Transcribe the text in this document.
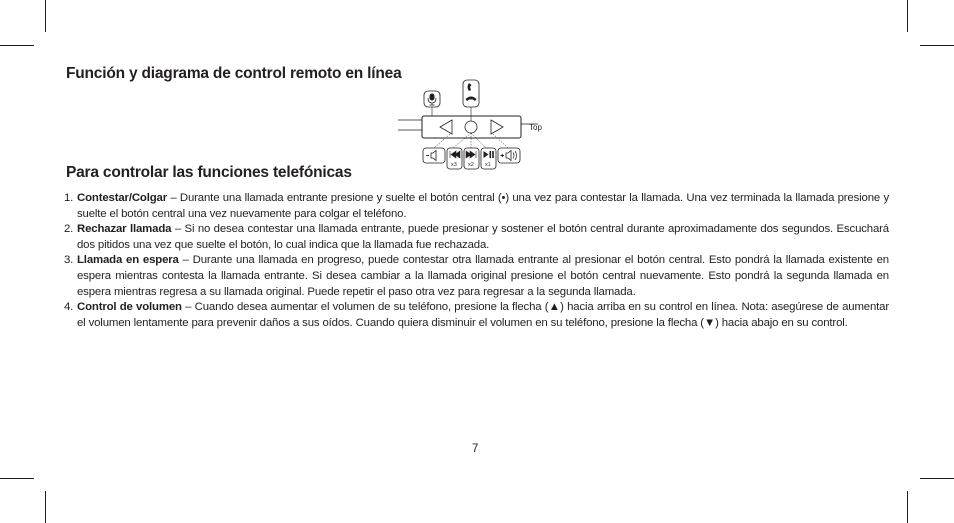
Función y diagrama de control remoto en línea
Top
x3 x2 x1
Para controlar las funciones telefónicas
1. Contestar/Colgar – Durante una llamada entrante presione y suelte el botón central (•) una vez para contestar la llamada. Una vez terminada la llamada presione y suelte el botón central una vez nuevamente para colgar el teléfono.
2. Rechazar llamada – Si no desea contestar una llamada entrante, puede presionar y sostener el botón central durante aproximadamente dos segundos. Escuchará dos pitidos una vez que suelte el botón, lo cual indica que la llamada fue rechazada.
3. Llamada en espera – Durante una llamada en progreso, puede contestar otra llamada entrante al presionar el botón central. Esto pondrá la llamada existente en espera mientras contesta la llamada entrante. Si desea cambiar a la llamada original presione el botón central nuevamente. Esto pondrá la segunda llamada en espera mientras regresa a su llamada original. Puede repetir el paso otra vez para regresar a la segunda llamada.
4. Control de volumen – Cuando desea aumentar el volumen de su teléfono, presione la flecha (▲) hacia arriba en su control en línea. Nota: asegúrese de aumentar el volumen lentamente para prevenir daños a sus oídos. Cuando quiera disminuir el volumen en su teléfono, presione la flecha (▼) hacia abajo en su control.
7
